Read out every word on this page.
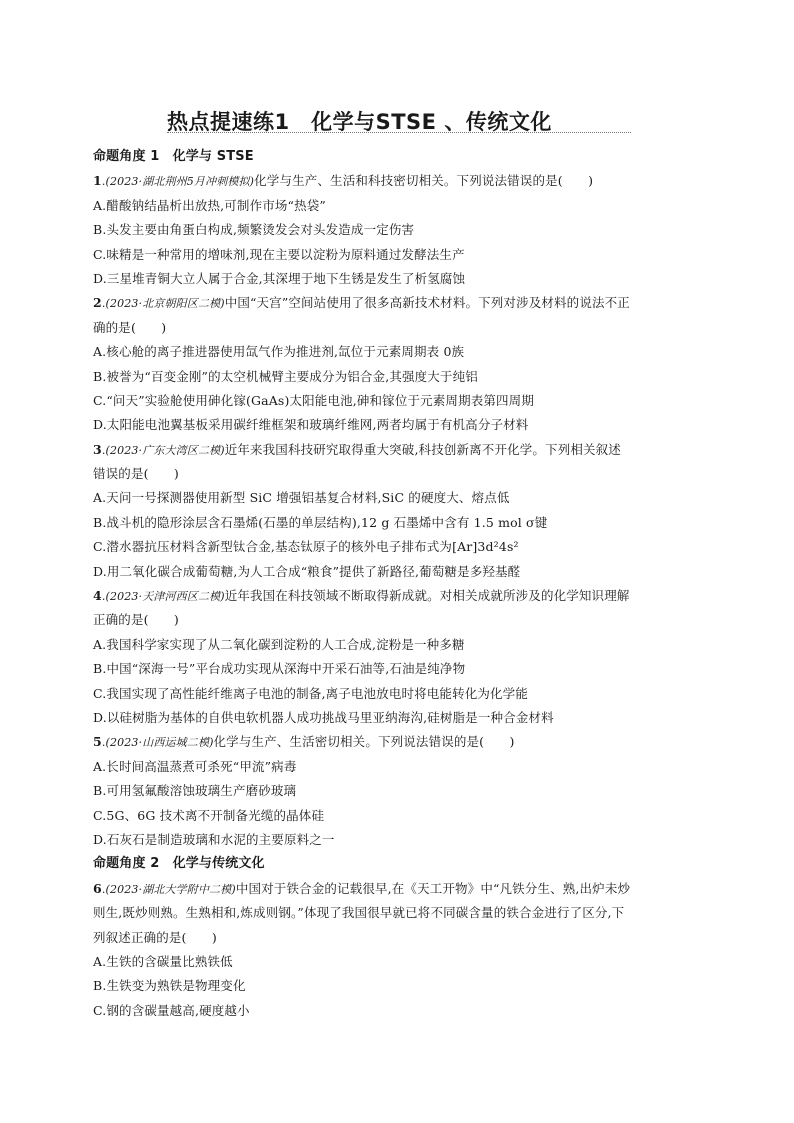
热点提速练1　化学与STSE 、传统文化
命题角度 1　化学与 STSE
1.(2023·湖北荆州5月冲刺模拟)化学与生产、生活和科技密切相关。下列说法错误的是(　　)
A.醋酸钠结晶析出放热,可制作市场“热袋”
B.头发主要由角蛋白构成,频繁烫发会对头发造成一定伤害
C.味精是一种常用的增味剂,现在主要以淀粉为原料通过发酵法生产
D.三星堆青铜大立人属于合金,其深埋于地下生锈是发生了析氢腐蚀
2.(2023·北京朝阳区二模)中国“天宫”空间站使用了很多高新技术材料。下列对涉及材料的说法不正
确的是(　　)
A.核心舱的离子推进器使用氙气作为推进剂,氙位于元素周期表 0族
B.被誉为“百变金刚”的太空机械臂主要成分为铝合金,其强度大于纯铝
C.“问天”实验舱使用砷化镓(GaAs)太阳能电池,砷和镓位于元素周期表第四周期
D.太阳能电池翼基板采用碳纤维框架和玻璃纤维网,两者均属于有机高分子材料
3.(2023·广东大湾区二模)近年来我国科技研究取得重大突破,科技创新离不开化学。下列相关叙述
错误的是(　　)
A.天问一号探测器使用新型 SiC 增强铝基复合材料,SiC 的硬度大、熔点低
B.战斗机的隐形涂层含石墨烯(石墨的单层结构),12 g 石墨烯中含有 1.5 mol σ键
C.潜水器抗压材料含新型钛合金,基态钛原子的核外电子排布式为[Ar]3d²4s²
D.用二氧化碳合成葡萄糖,为人工合成“粮食”提供了新路径,葡萄糖是多羟基醛
4.(2023·天津河西区二模)近年我国在科技领域不断取得新成就。对相关成就所涉及的化学知识理解
正确的是(　　)
A.我国科学家实现了从二氧化碳到淀粉的人工合成,淀粉是一种多糖
B.中国“深海一号”平台成功实现从深海中开采石油等,石油是纯净物
C.我国实现了高性能纤维离子电池的制备,离子电池放电时将电能转化为化学能
D.以硅树脂为基体的自供电软机器人成功挑战马里亚纳海沟,硅树脂是一种合金材料
5.(2023·山西运城二模)化学与生产、生活密切相关。下列说法错误的是(　　)
A.长时间高温蒸煮可杀死“甲流”病毒
B.可用氢氟酸溶蚀玻璃生产磨砂玻璃
C.5G、6G 技术离不开制备光缆的晶体硅
D.石灰石是制造玻璃和水泥的主要原料之一
命题角度 2　化学与传统文化
6.(2023·湖北大学附中二模)中国对于铁合金的记载很早,在《天工开物》中“凡铁分生、熟,出炉未炒
则生,既炒则熟。生熟相和,炼成则钢。”体现了我国很早就已将不同碳含量的铁合金进行了区分,下
列叙述正确的是(　　)
A.生铁的含碳量比熟铁低
B.生铁变为熟铁是物理变化
C.钢的含碳量越高,硬度越小
